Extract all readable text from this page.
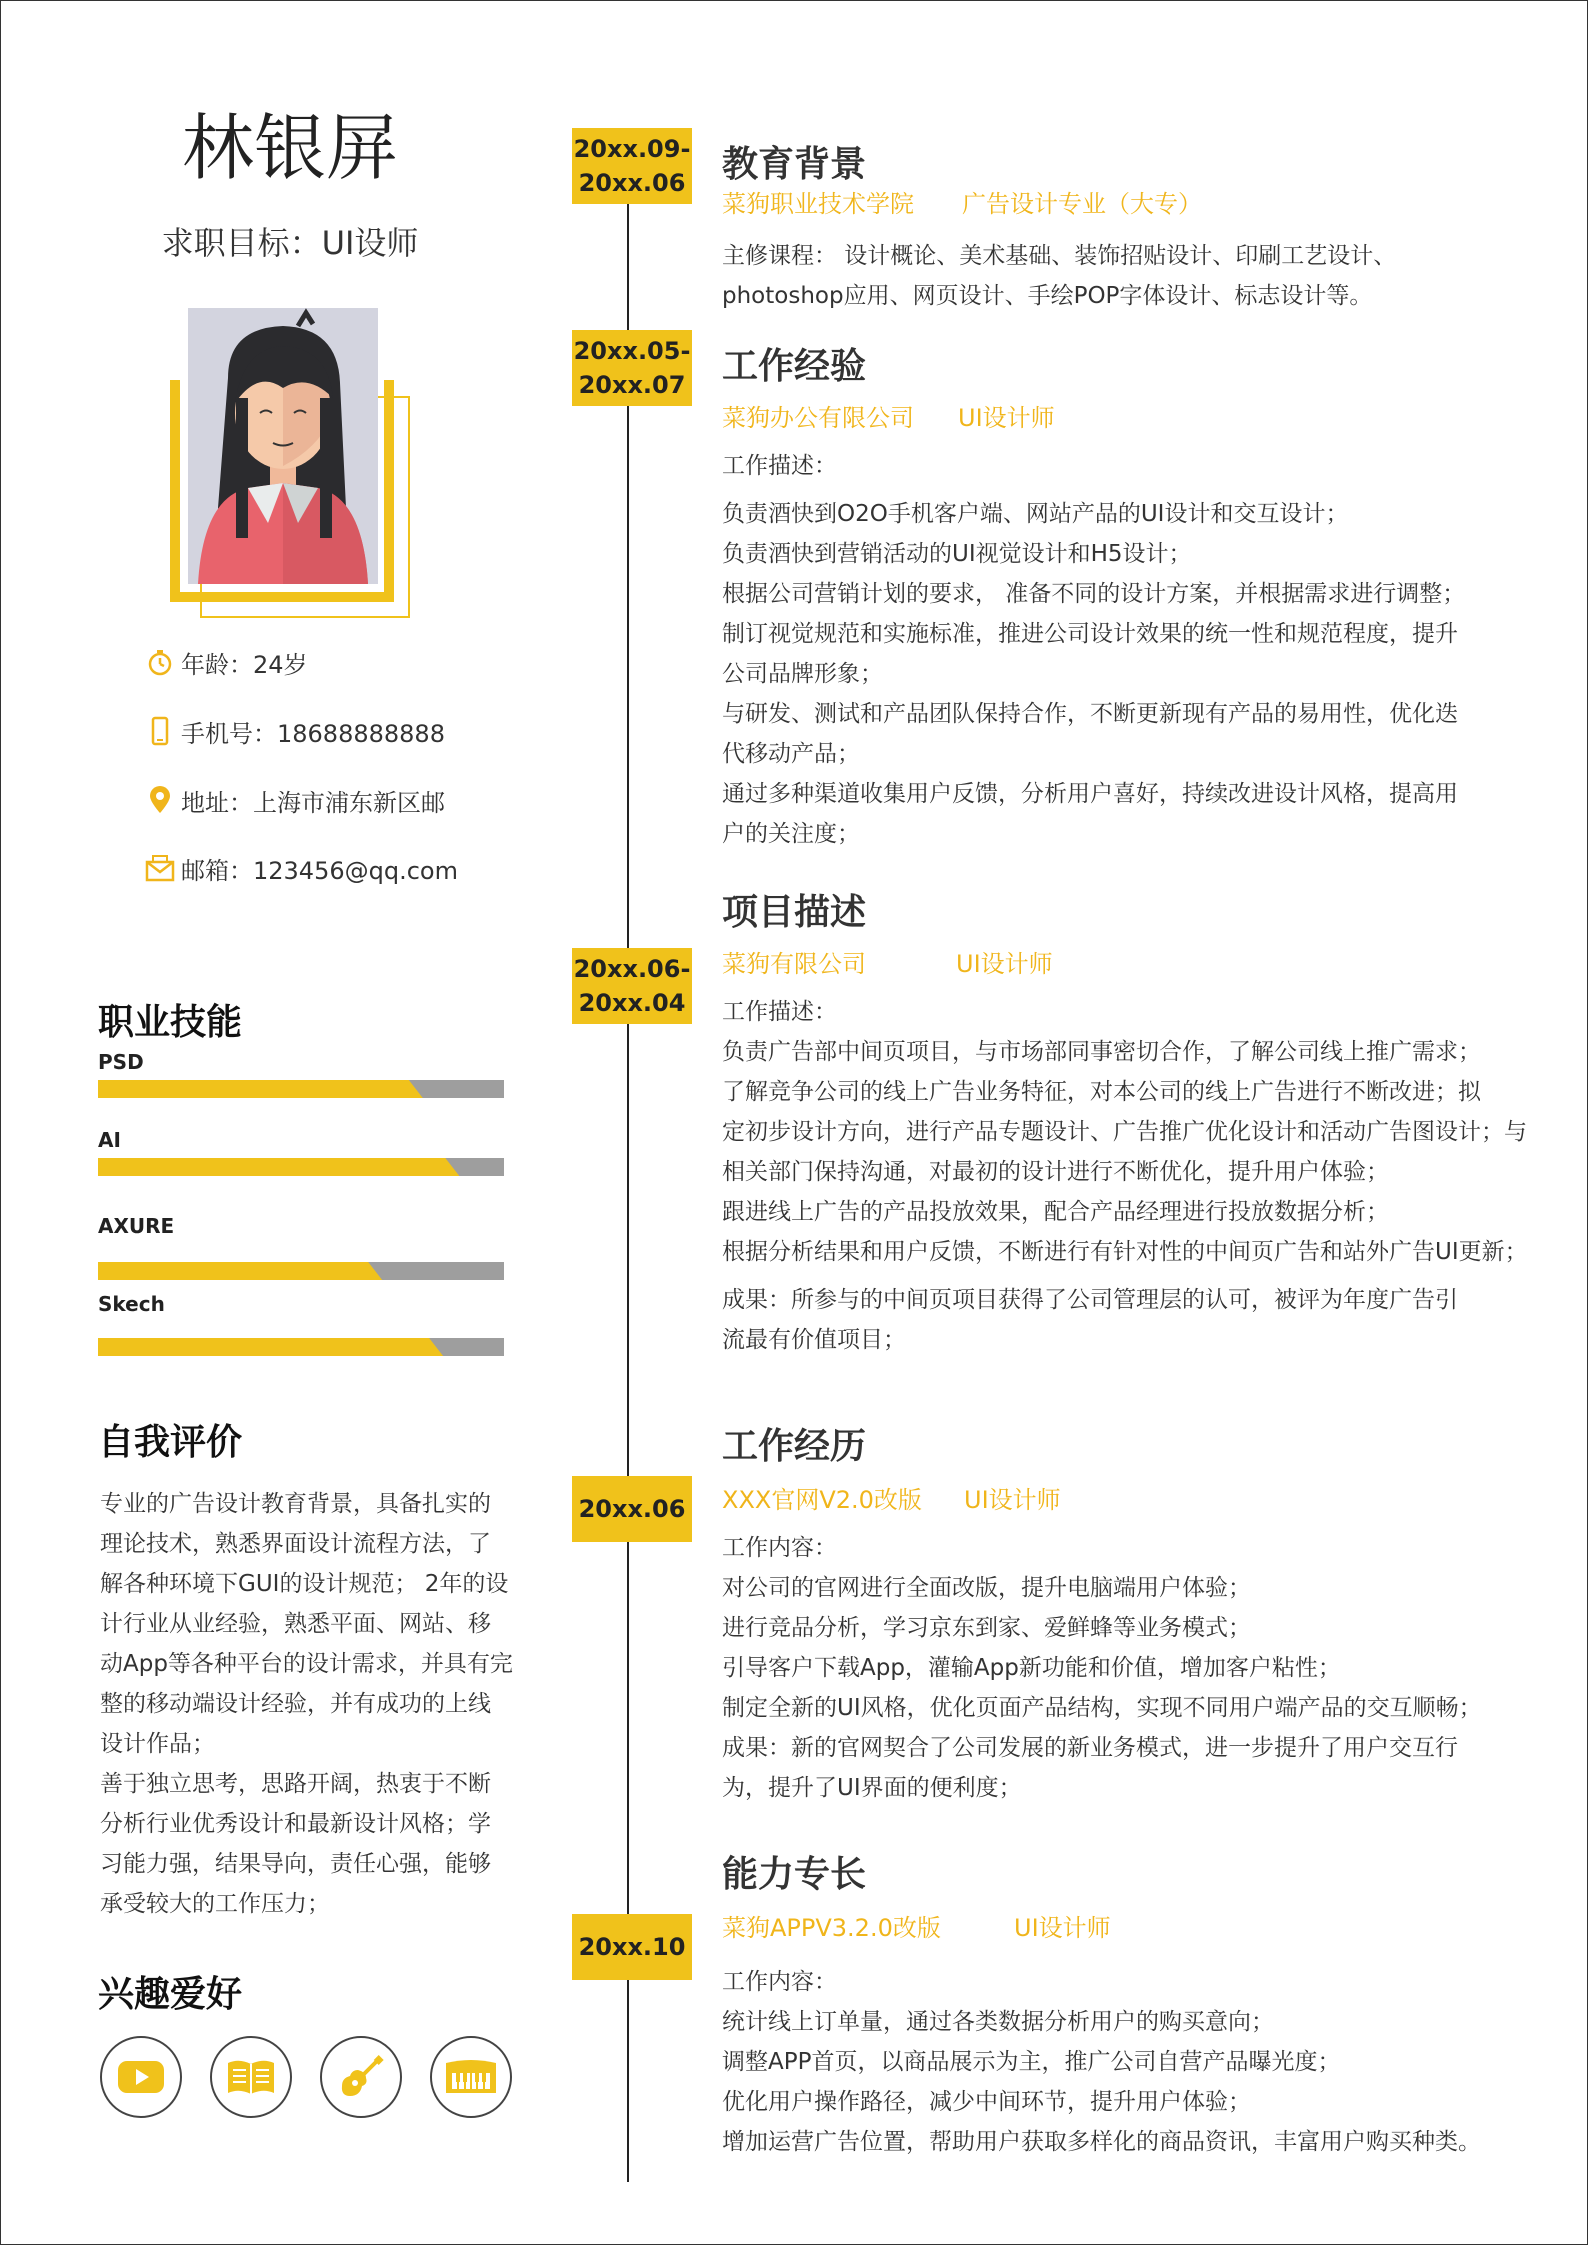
林银屏
求职目标：UI设师
年龄：24岁
手机号：18688888888
地址：上海市浦东新区邮
邮箱：123456@qq.com
职业技能
PSD
AI
AXURE
Skech
自我评价
专业的广告设计教育背景，具备扎实的
理论技术，熟悉界面设计流程方法，了
解各种环境下GUI的设计规范； 2年的设
计行业从业经验，熟悉平面、网站、移
动App等各种平台的设计需求，并具有完
整的移动端设计经验，并有成功的上线
设计作品；
善于独立思考，思路开阔，热衷于不断
分析行业优秀设计和最新设计风格；学
习能力强，结果导向，责任心强，能够
承受较大的工作压力；
兴趣爱好
20xx.09-
20xx.06 教育背景
菜狗职业技术学院	广告设计专业（大专）
主修课程： 设计概论、美术基础、装饰招贴设计、印刷工艺设计、
photoshop应用、网页设计、手绘POP字体设计、标志设计等。
20xx.05-
20xx.07 工作经验
菜狗办公有限公司	UI设计师
工作描述：
负责酒快到O2O手机客户端、网站产品的UI设计和交互设计；
负责酒快到营销活动的UI视觉设计和H5设计；
根据公司营销计划的要求， 准备不同的设计方案，并根据需求进行调整；
制订视觉规范和实施标准，推进公司设计效果的统一性和规范程度，提升
公司品牌形象；
与研发、测试和产品团队保持合作，不断更新现有产品的易用性，优化迭
代移动产品；
通过多种渠道收集用户反馈，分析用户喜好，持续改进设计风格，提高用
户的关注度；
项目描述
20xx.06-
20xx.04
菜狗有限公司	UI设计师
工作描述：
负责广告部中间页项目，与市场部同事密切合作，了解公司线上推广需求；
了解竞争公司的线上广告业务特征，对本公司的线上广告进行不断改进；拟
定初步设计方向，进行产品专题设计、广告推广优化设计和活动广告图设计；与
相关部门保持沟通，对最初的设计进行不断优化，提升用户体验；
跟进线上广告的产品投放效果，配合产品经理进行投放数据分析；
根据分析结果和用户反馈，不断进行有针对性的中间页广告和站外广告UI更新；
成果：所参与的中间页项目获得了公司管理层的认可，被评为年度广告引
流最有价值项目；
工作经历
20xx.06 XXX官网V2.0改版	UI设计师
工作内容：
对公司的官网进行全面改版，提升电脑端用户体验；
进行竞品分析，学习京东到家、爱鲜蜂等业务模式；
引导客户下载App，灌输App新功能和价值，增加客户粘性；
制定全新的UI风格，优化页面产品结构，实现不同用户端产品的交互顺畅；
成果：新的官网契合了公司发展的新业务模式，进一步提升了用户交互行
为，提升了UI界面的便利度；
能力专长
20xx.10
菜狗APPV3.2.0改版	UI设计师
工作内容：
统计线上订单量，通过各类数据分析用户的购买意向；
调整APP首页，以商品展示为主，推广公司自营产品曝光度；
优化用户操作路径，减少中间环节，提升用户体验；
增加运营广告位置，帮助用户获取多样化的商品资讯，丰富用户购买种类。
